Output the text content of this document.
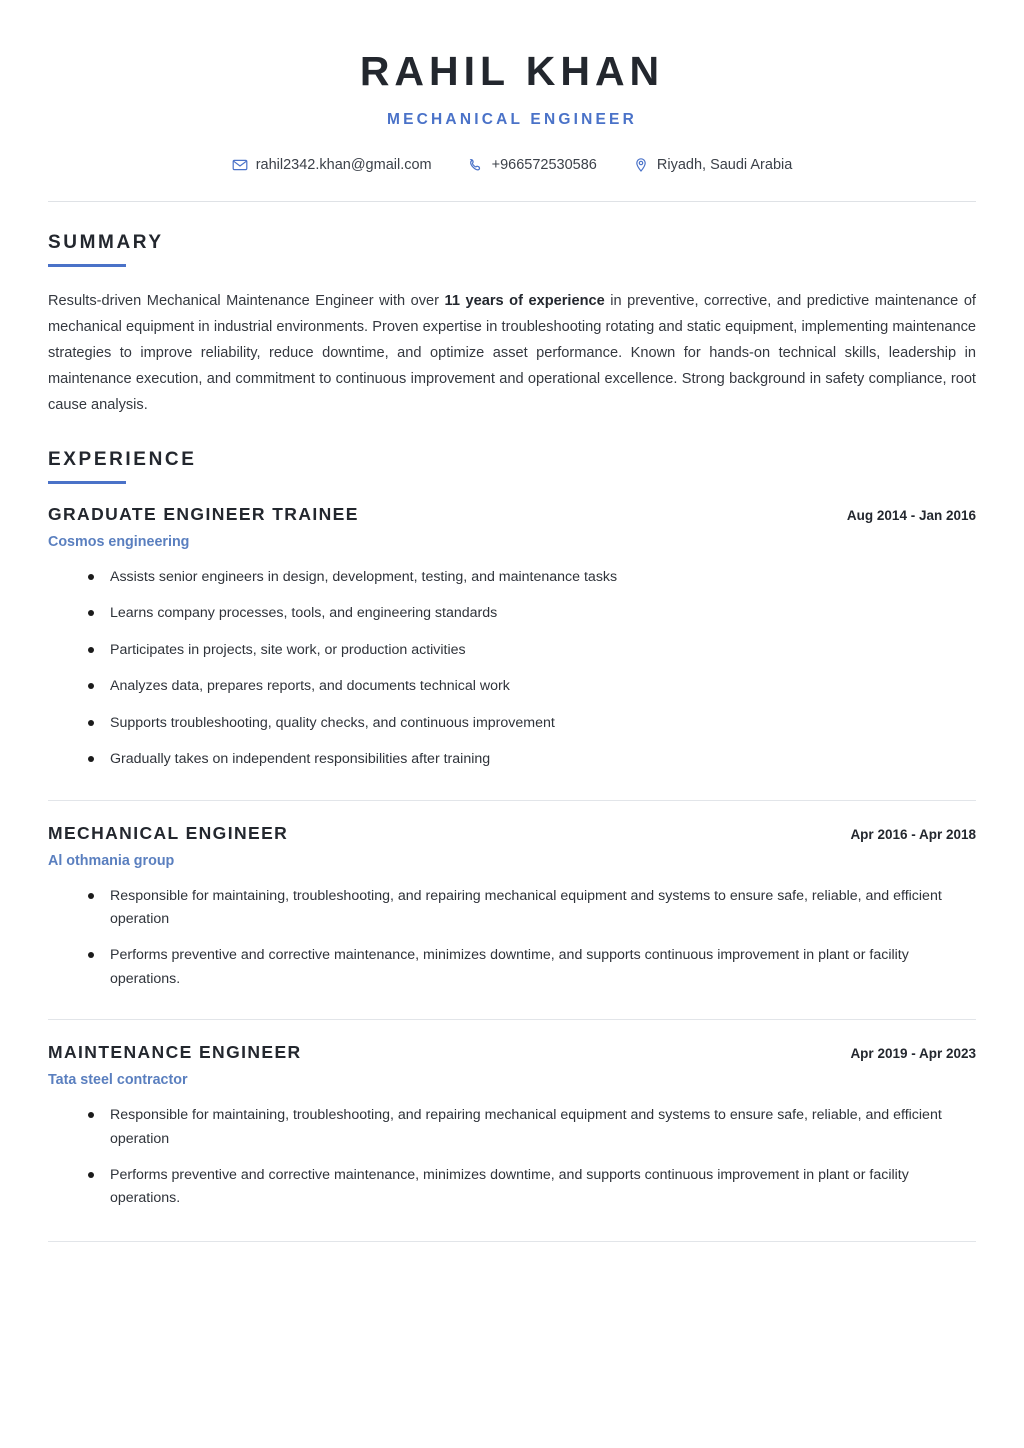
RAHIL KHAN
MECHANICAL ENGINEER
rahil2342.khan@gmail.com	+966572530586	Riyadh, Saudi Arabia
SUMMARY

Results-driven Mechanical Maintenance Engineer with over 11 years of experience in preventive, corrective, and predictive maintenance of mechanical equipment in industrial environments. Proven expertise in troubleshooting rotating and static equipment, implementing maintenance strategies to improve reliability, reduce downtime, and optimize asset performance. Known for hands-on technical skills, leadership in maintenance execution, and commitment to continuous improvement and operational excellence. Strong background in safety compliance, root cause analysis.

EXPERIENCE
GRADUATE ENGINEER TRAINEE	Aug 2014 - Jan 2016
Cosmos engineering
Assists senior engineers in design, development, testing, and maintenance tasks
Learns company processes, tools, and engineering standards
Participates in projects, site work, or production activities
Analyzes data, prepares reports, and documents technical work
Supports troubleshooting, quality checks, and continuous improvement
Gradually takes on independent responsibilities after training
MECHANICAL ENGINEER	Apr 2016 - Apr 2018
Al othmania group
Responsible for maintaining, troubleshooting, and repairing mechanical equipment and systems to ensure safe, reliable, and efficient operation
Performs preventive and corrective maintenance, minimizes downtime, and supports continuous improvement in plant or facility operations.
MAINTENANCE ENGINEER	Apr 2019 - Apr 2023
Tata steel contractor
Responsible for maintaining, troubleshooting, and repairing mechanical equipment and systems to ensure safe, reliable, and efficient operation
Performs preventive and corrective maintenance, minimizes downtime, and supports continuous improvement in plant or facility operations.
